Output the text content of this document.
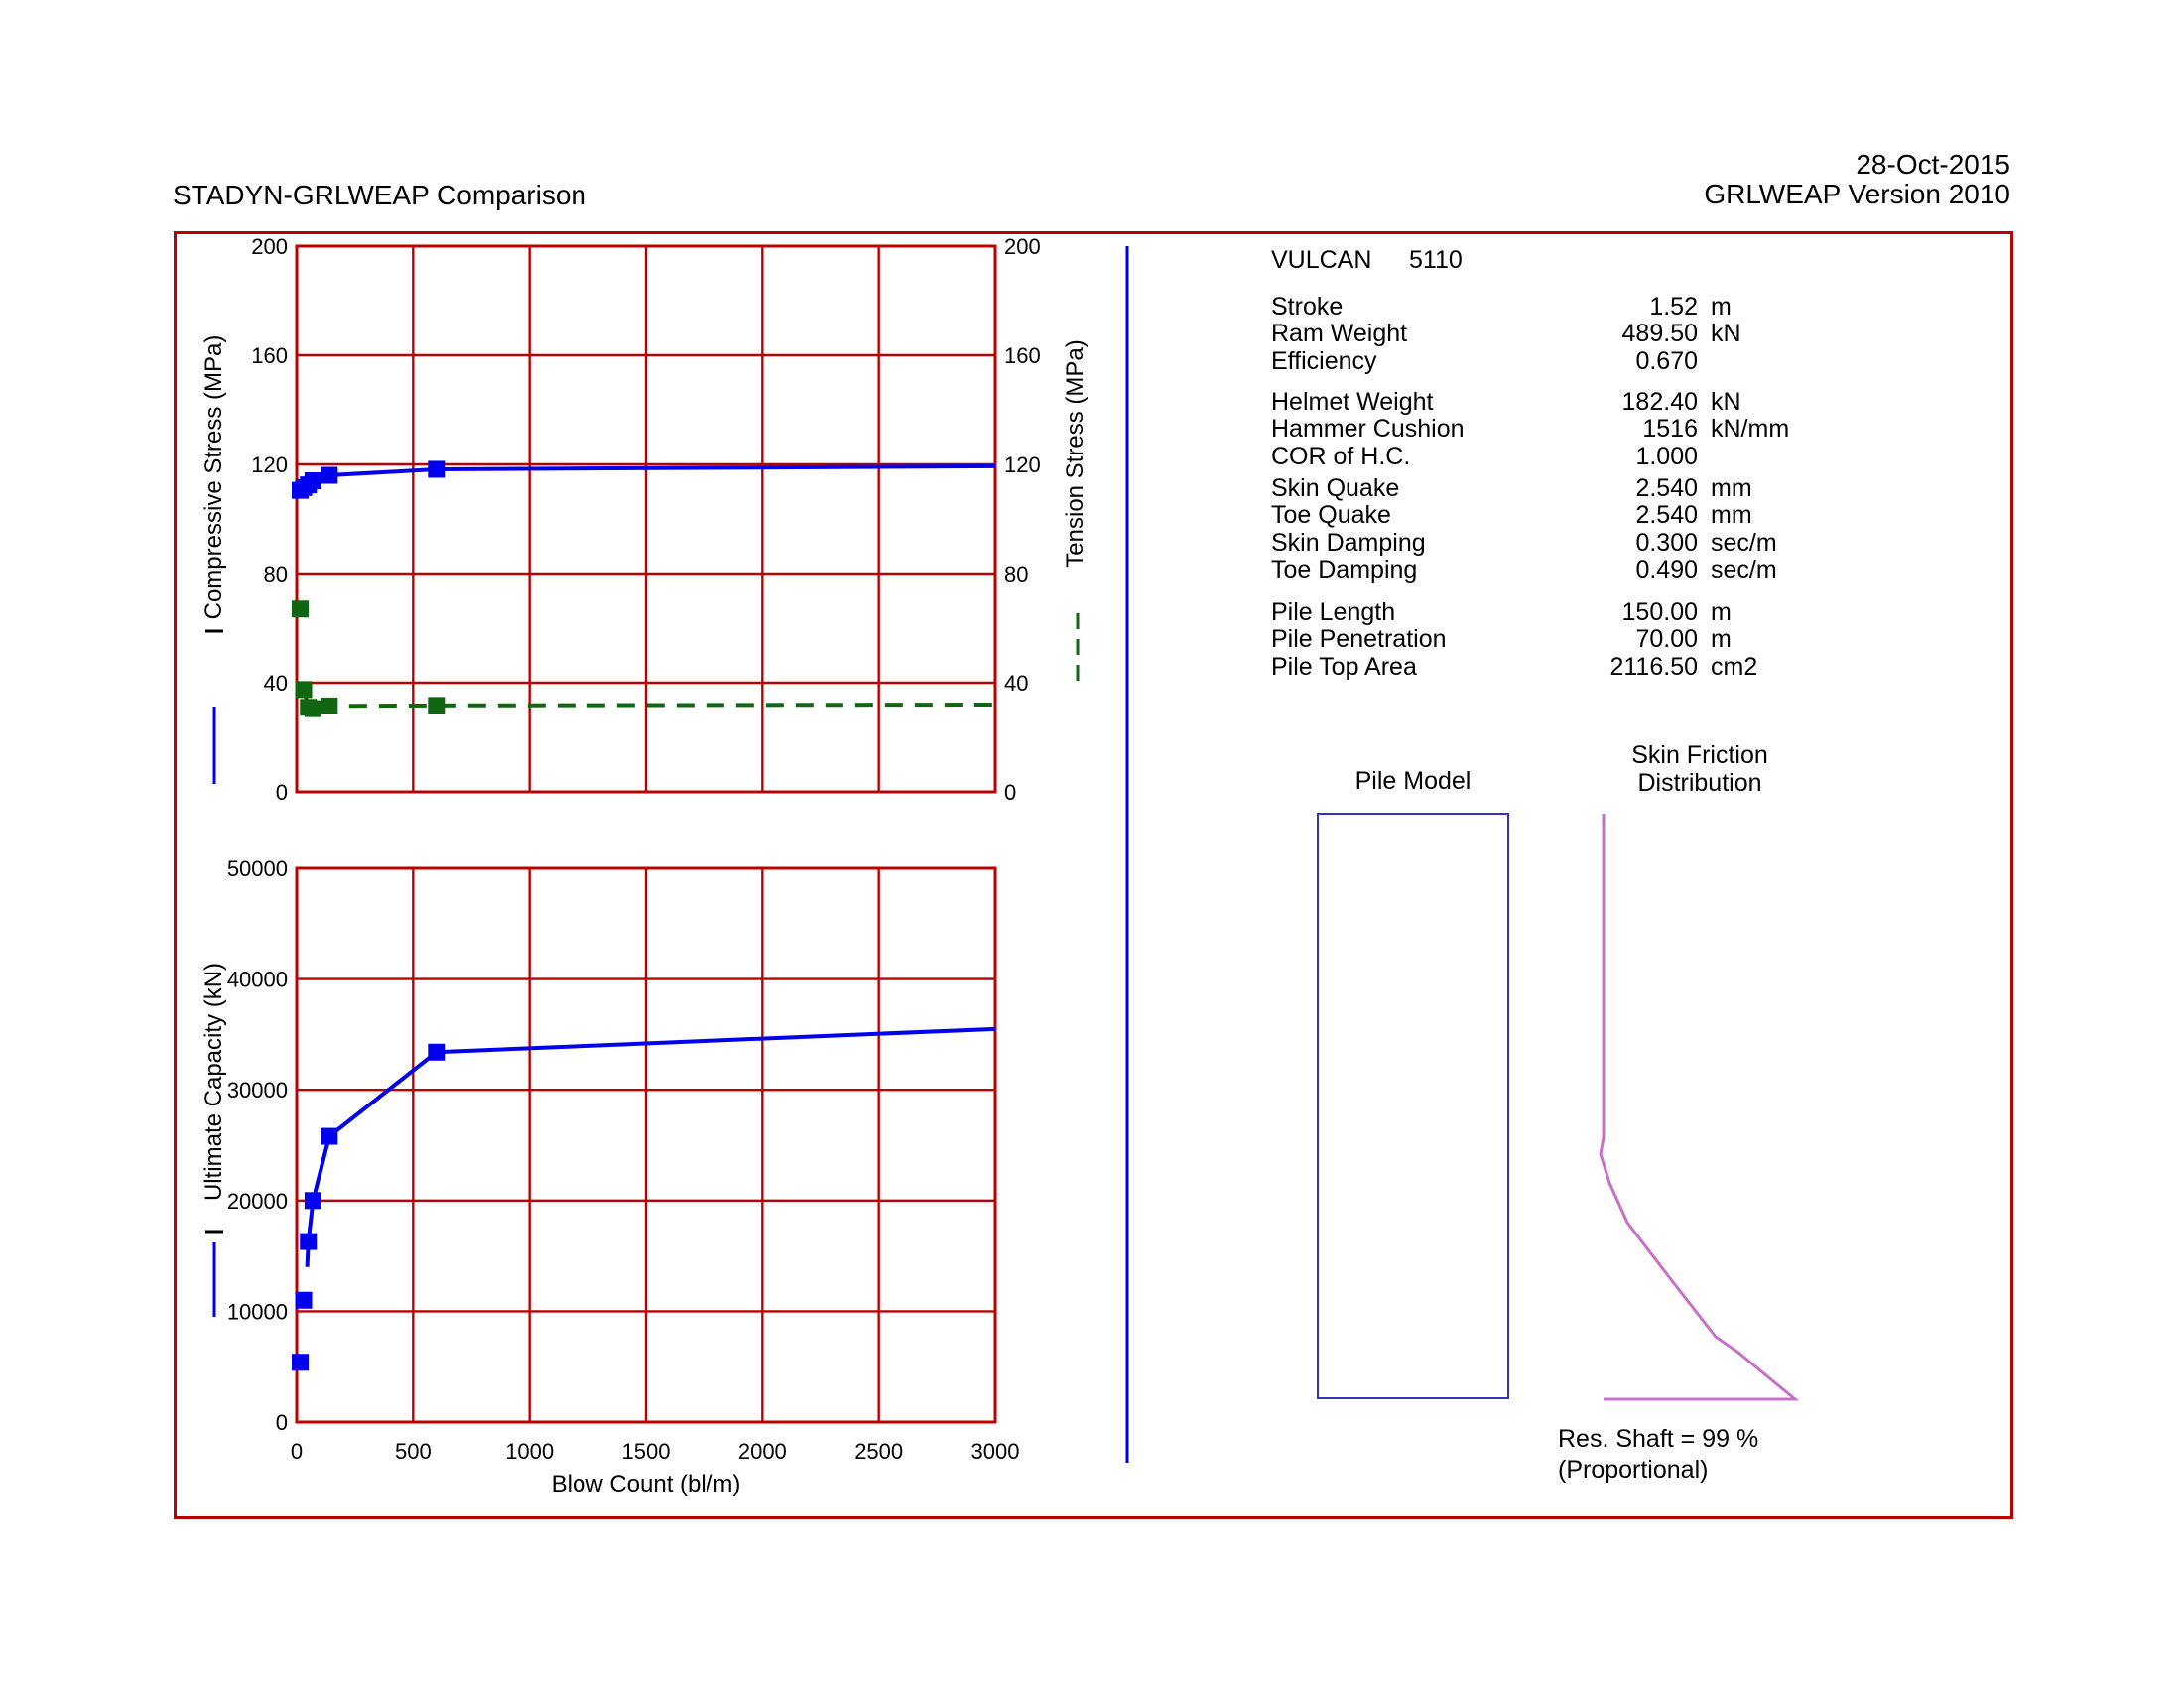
STADYN-GRLWEAP Comparison
28-Oct-2015
GRLWEAP Version 2010
0	0
40	40
80	80
120	120
160	160
200	200
0
10000
20000
30000
40000
50000
0	500	1000	1500	2000	2500	3000
Compressive Stress (MPa)	Tension Stress (MPa)
Ultimate Capacity (kN)
Blow Count (bl/m)
VULCAN 5110
Stroke	1.52 m
Ram Weight	489.50 kN
Efficiency	0.670
Helmet Weight	182.40 kN
Hammer Cushion	1516 kN/mm
COR of H.C.	1.000
Skin Quake	2.540 mm
Toe Quake	2.540 mm
Skin Damping	0.300 sec/m
Toe Damping	0.490 sec/m
Pile Length	150.00 m
Pile Penetration	70.00 m
Pile Top Area	2116.50 cm2
Pile Model
Skin Friction
Distribution
Res. Shaft = 99 %
(Proportional)
